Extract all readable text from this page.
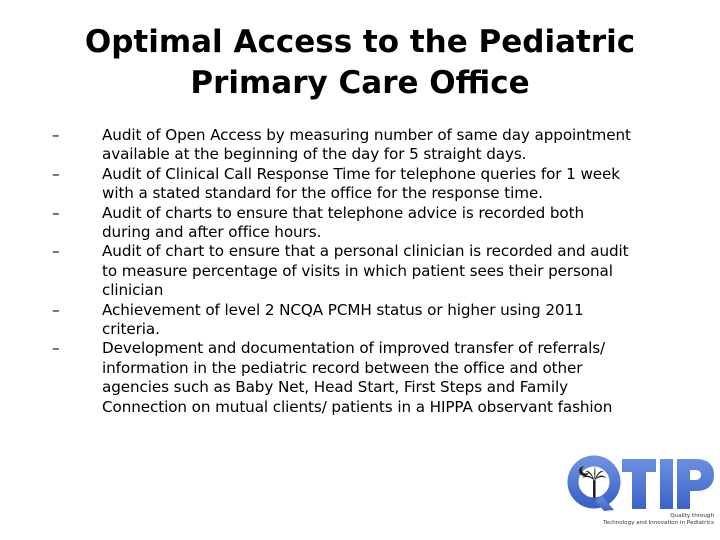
Optimal Access to the Pediatric
Primary Care Office
–	Audit of Open Access by measuring number of same day appointment
available at the beginning of the day for 5 straight days.
–	Audit of Clinical Call Response Time for telephone queries for 1 week
with a stated standard for the office for the response time.
–	Audit of charts to ensure that telephone advice is recorded both
during and after office hours.
–	Audit of chart to ensure that a personal clinician is recorded and audit
to measure percentage of visits in which patient sees their personal
clinician
–	Achievement of level 2 NCQA PCMH status or higher using 2011
criteria.
–	Development and documentation of improved transfer of referrals/
information in the pediatric record between the office and other
agencies such as Baby Net, Head Start, First Steps and Family
Connection on mutual clients/ patients in a HIPPA observant fashion
Quality through
Technology and Innovation in Pediatrics
